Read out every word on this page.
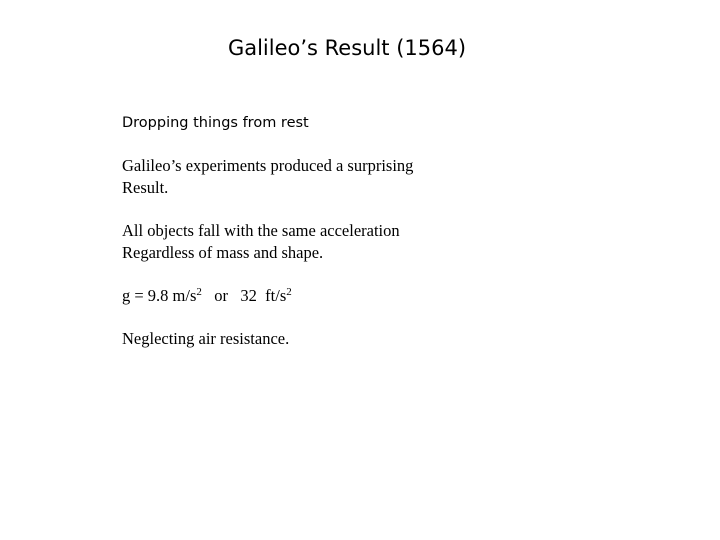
Galileo’s Result (1564)
Dropping things from rest
Galileo’s experiments produced a surprising
Result.
All objects fall with the same acceleration
Regardless of mass and shape.
g = 9.8 $m/s^2$   or   32  $ft/s^2$
Neglecting air resistance.
